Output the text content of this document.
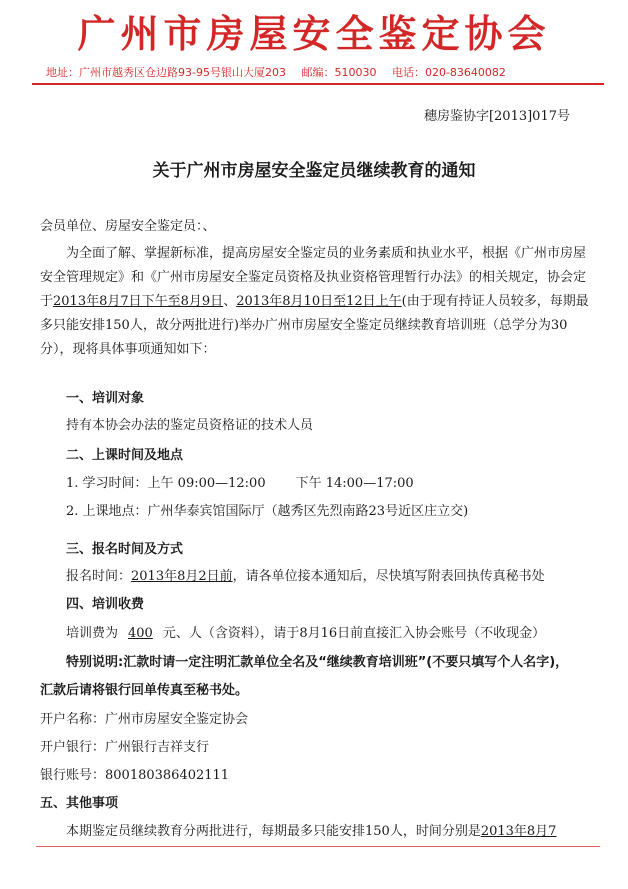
广州市房屋安全鉴定协会
地址：广州市越秀区仓边路93-95号银山大厦203 邮编：510030 电话：020-83640082
穗房鉴协字[2013]017号
关于广州市房屋安全鉴定员继续教育的通知
会员单位、房屋安全鉴定员：、
为全面了解、掌握新标准，提高房屋安全鉴定员的业务素质和执业水平，根据《广州市房屋安全管理规定》和《广州市房屋安全鉴定员资格及执业资格管理暂行办法》的相关规定，协会定于2013年8月7日下午至8月9日、2013年8月10日至12日上午(由于现有持证人员较多，每期最多只能安排150人，故分两批进行)举办广州市房屋安全鉴定员继续教育培训班（总学分为30分），现将具体事项通知如下：
一、培训对象
持有本协会办法的鉴定员资格证的技术人员
二、上课时间及地点
1. 学习时间：上午 09:00—12:00 下午 14:00—17:00
2. 上课地点：广州华泰宾馆国际厅（越秀区先烈南路23号近区庄立交)
三、报名时间及方式
报名时间：2013年8月2日前，请各单位接本通知后，尽快填写附表回执传真秘书处
四、培训收费
培训费为 400 元、人（含资料），请于8月16日前直接汇入协会账号（不收现金）
特别说明:汇款时请一定注明汇款单位全名及“继续教育培训班”(不要只填写个人名字)，
汇款后请将银行回单传真至秘书处。
开户名称：广州市房屋安全鉴定协会
开户银行：广州银行吉祥支行
银行账号：800180386402111
五、其他事项
本期鉴定员继续教育分两批进行，每期最多只能安排150人，时间分别是2013年8月7
